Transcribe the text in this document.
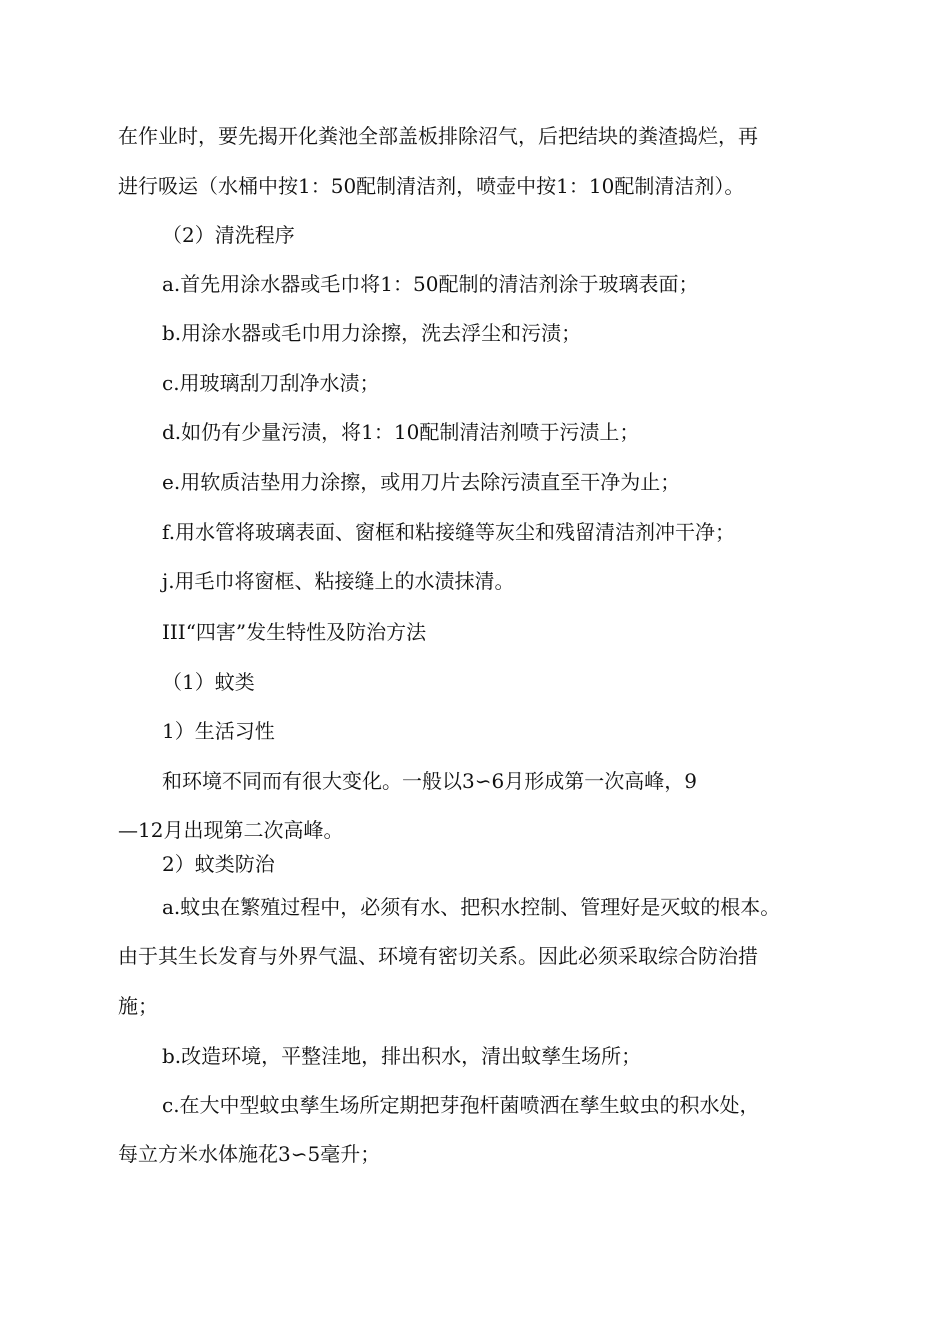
在作业时，要先揭开化粪池全部盖板排除沼气，后把结块的粪渣捣烂，再
进行吸运（水桶中按1：50配制清洁剂，喷壶中按1：10配制清洁剂）。
（2）清洗程序
a.首先用涂水器或毛巾将1：50配制的清洁剂涂于玻璃表面；
b.用涂水器或毛巾用力涂擦，洗去浮尘和污渍；
c.用玻璃刮刀刮净水渍；
d.如仍有少量污渍，将1：10配制清洁剂喷于污渍上；
e.用软质洁垫用力涂擦，或用刀片去除污渍直至干净为止；
f.用水管将玻璃表面、窗框和粘接缝等灰尘和残留清洁剂冲干净；
j.用毛巾将窗框、粘接缝上的水渍抹清。
III“四害”发生特性及防治方法
（1）蚊类
1）生活习性
和环境不同而有很大变化。一般以3∽6月形成第一次高峰，9
—12月出现第二次高峰。
2）蚊类防治
a.蚊虫在繁殖过程中，必须有水、把积水控制、管理好是灭蚊的根本。
由于其生长发育与外界气温、环境有密切关系。因此必须采取综合防治措
施；
b.改造环境，平整洼地，排出积水，清出蚊孳生场所；
c.在大中型蚊虫孳生场所定期把芽孢杆菌喷洒在孳生蚊虫的积水处，
每立方米水体施花3∽5毫升；
